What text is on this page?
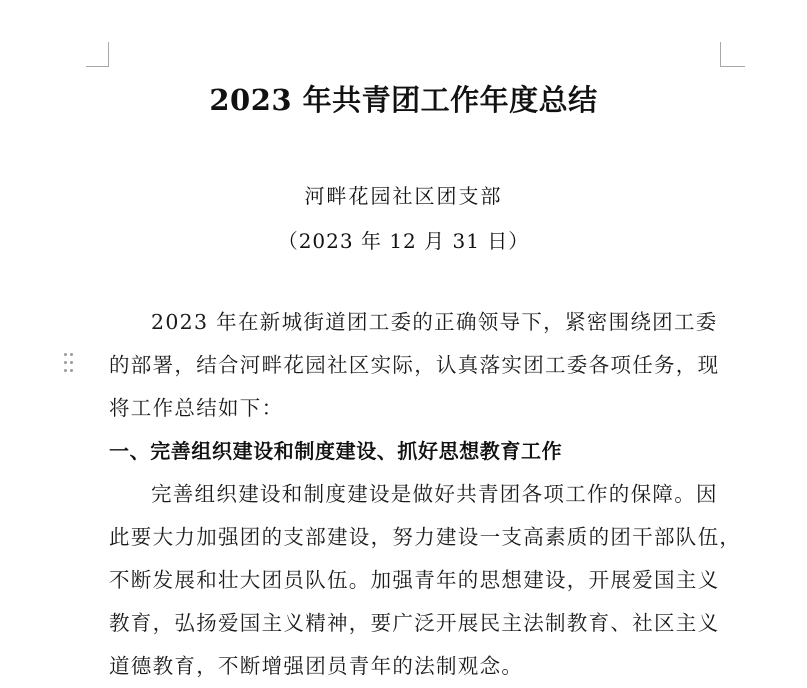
2023 年共青团工作年度总结
河畔花园社区团支部
（2023 年 12 月 31 日）

2023 年在新城街道团工委的正确领导下，紧密围绕团工委
的部署，结合河畔花园社区实际，认真落实团工委各项任务，现
将工作总结如下：

一、完善组织建设和制度建设、抓好思想教育工作

完善组织建设和制度建设是做好共青团各项工作的保障。因
此要大力加强团的支部建设，努力建设一支高素质的团干部队伍，
不断发展和壮大团员队伍。加强青年的思想建设，开展爱国主义
教育，弘扬爱国主义精神，要广泛开展民主法制教育、社区主义
道德教育，不断增强团员青年的法制观念。
